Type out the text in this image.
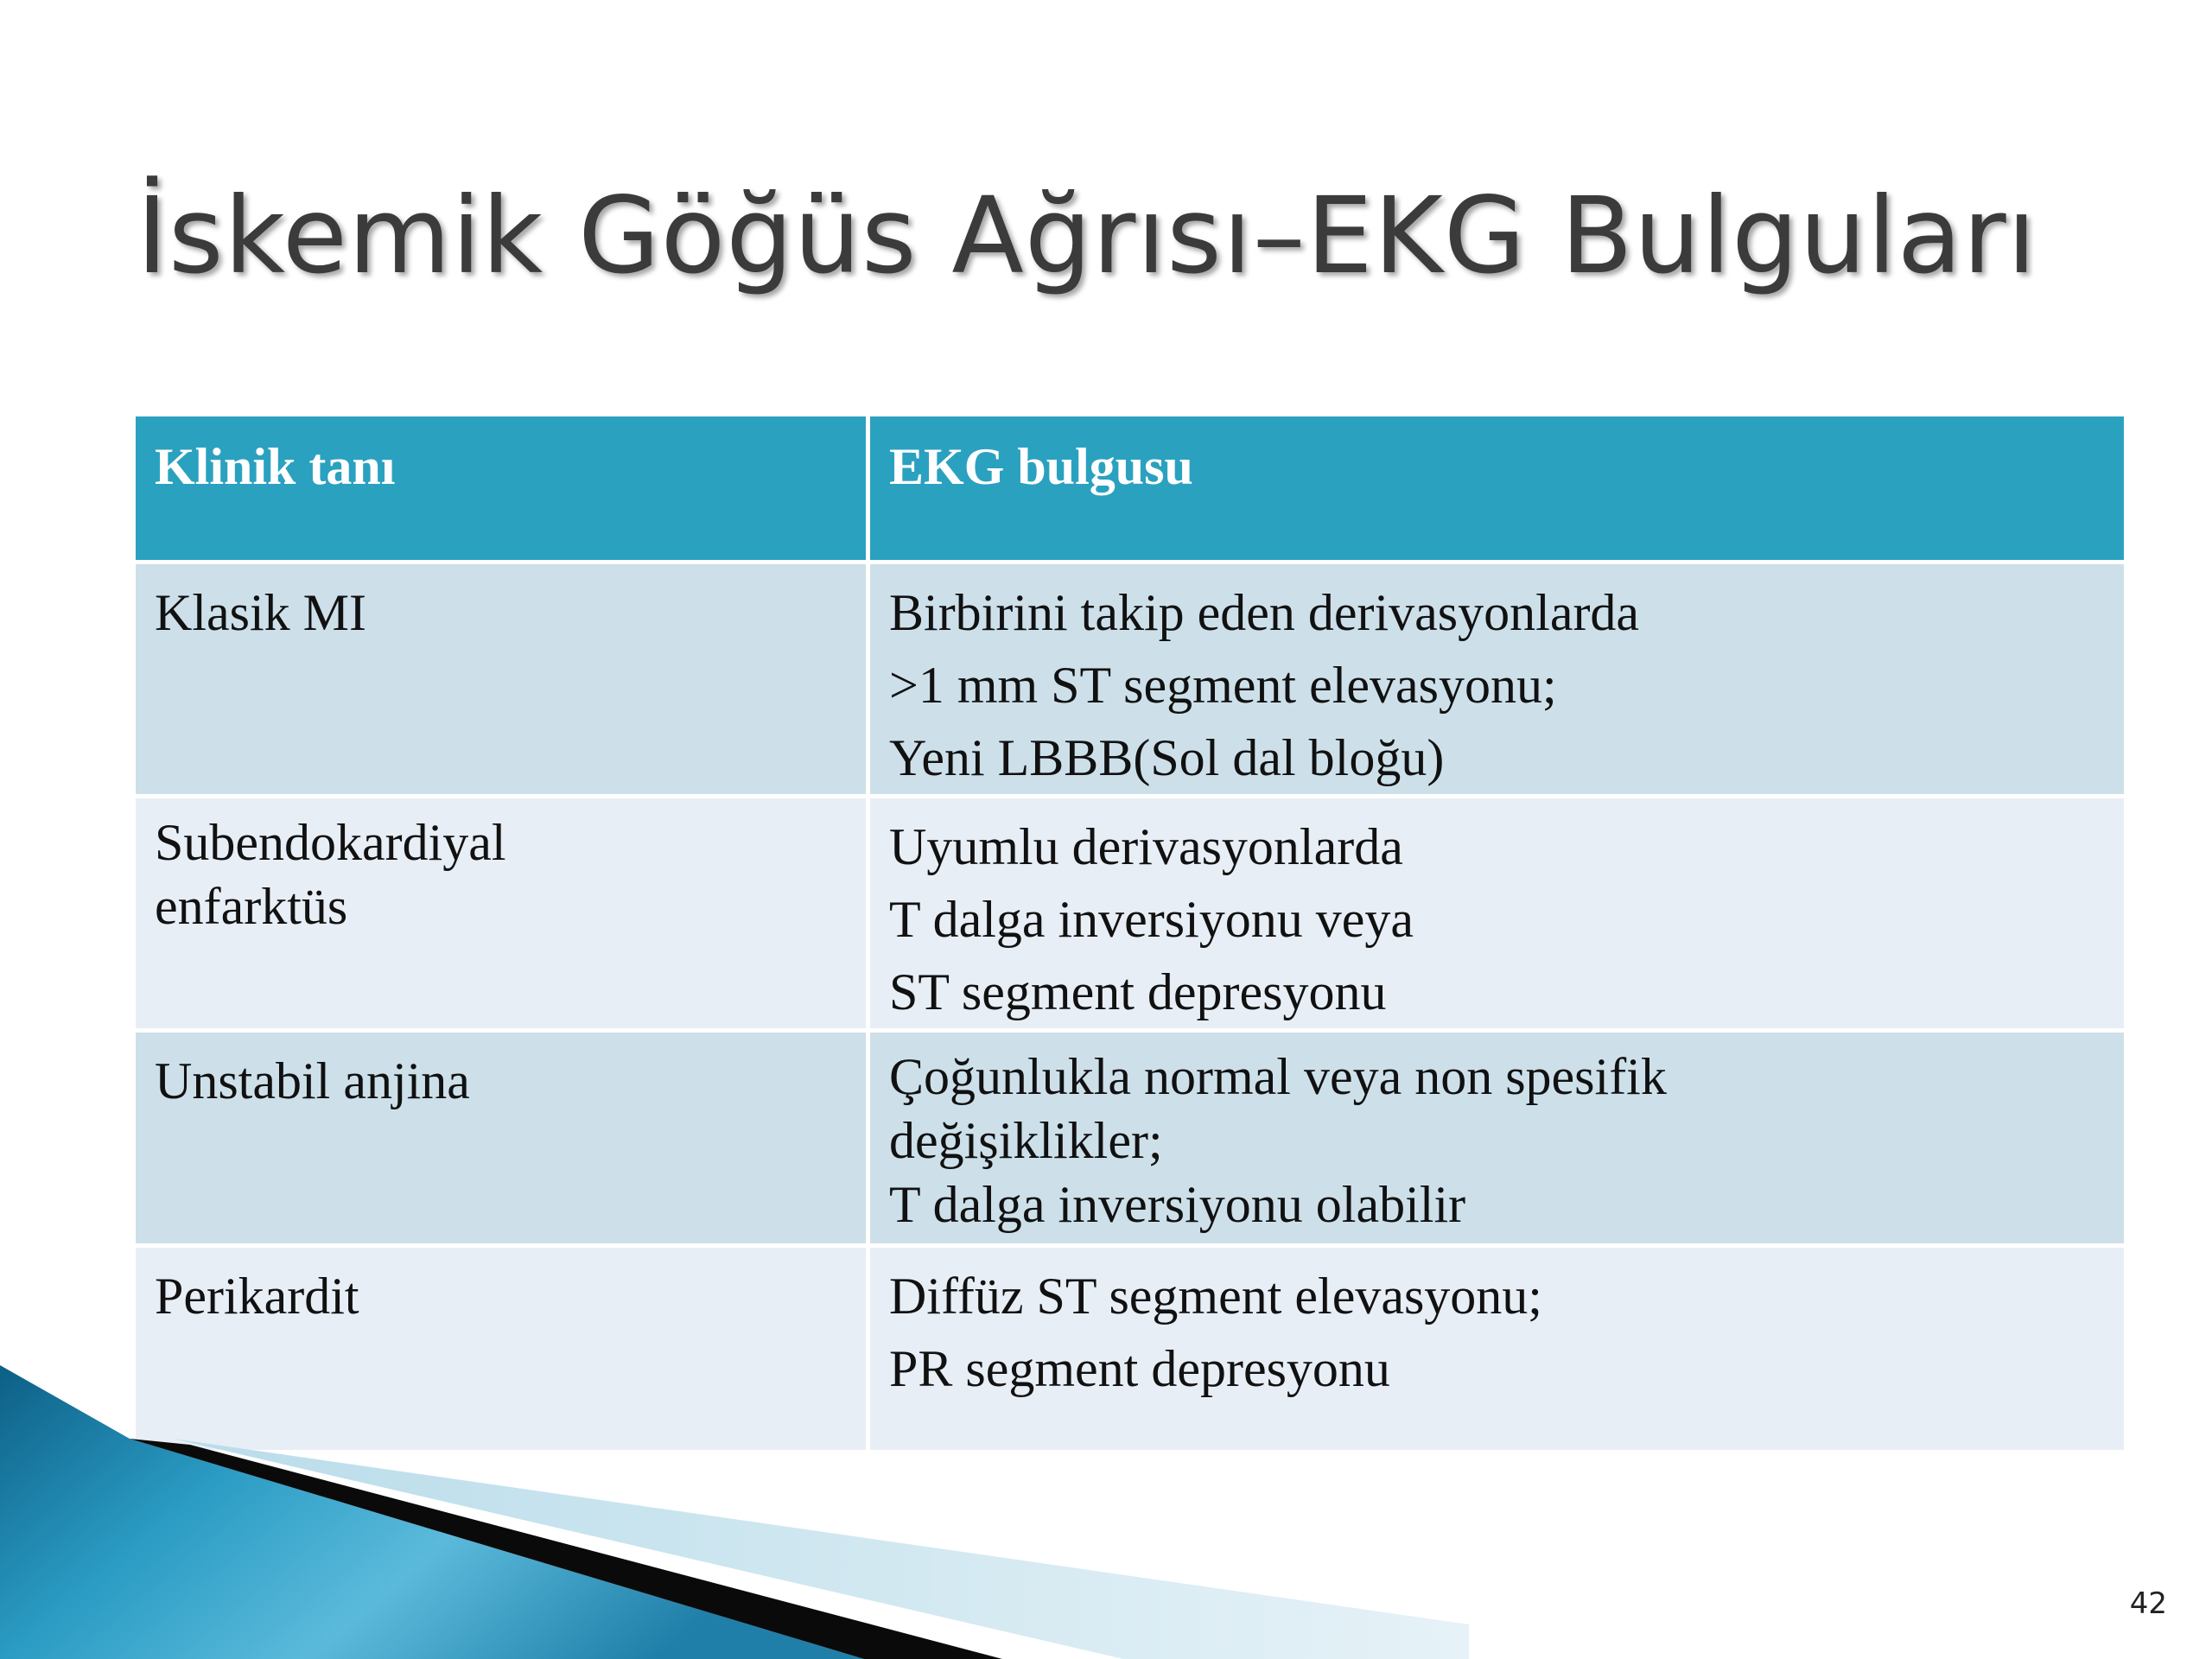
İskemik Göğüs Ağrısı–EKG Bulguları
Klinik tanı	EKG bulgusu

Klasik MI	Birbirini takip eden derivasyonlarda
>1 mm ST segment elevasyonu;
Yeni LBBB(Sol dal bloğu)

Subendokardiyal
enfarktüs	Uyumlu derivasyonlarda
T dalga inversiyonu veya
ST segment depresyonu

Unstabil anjina	Çoğunlukla normal veya non spesifik
değişiklikler;
T dalga inversiyonu olabilir

Perikardit	Diffüz ST segment elevasyonu;
PR segment depresyonu
42
